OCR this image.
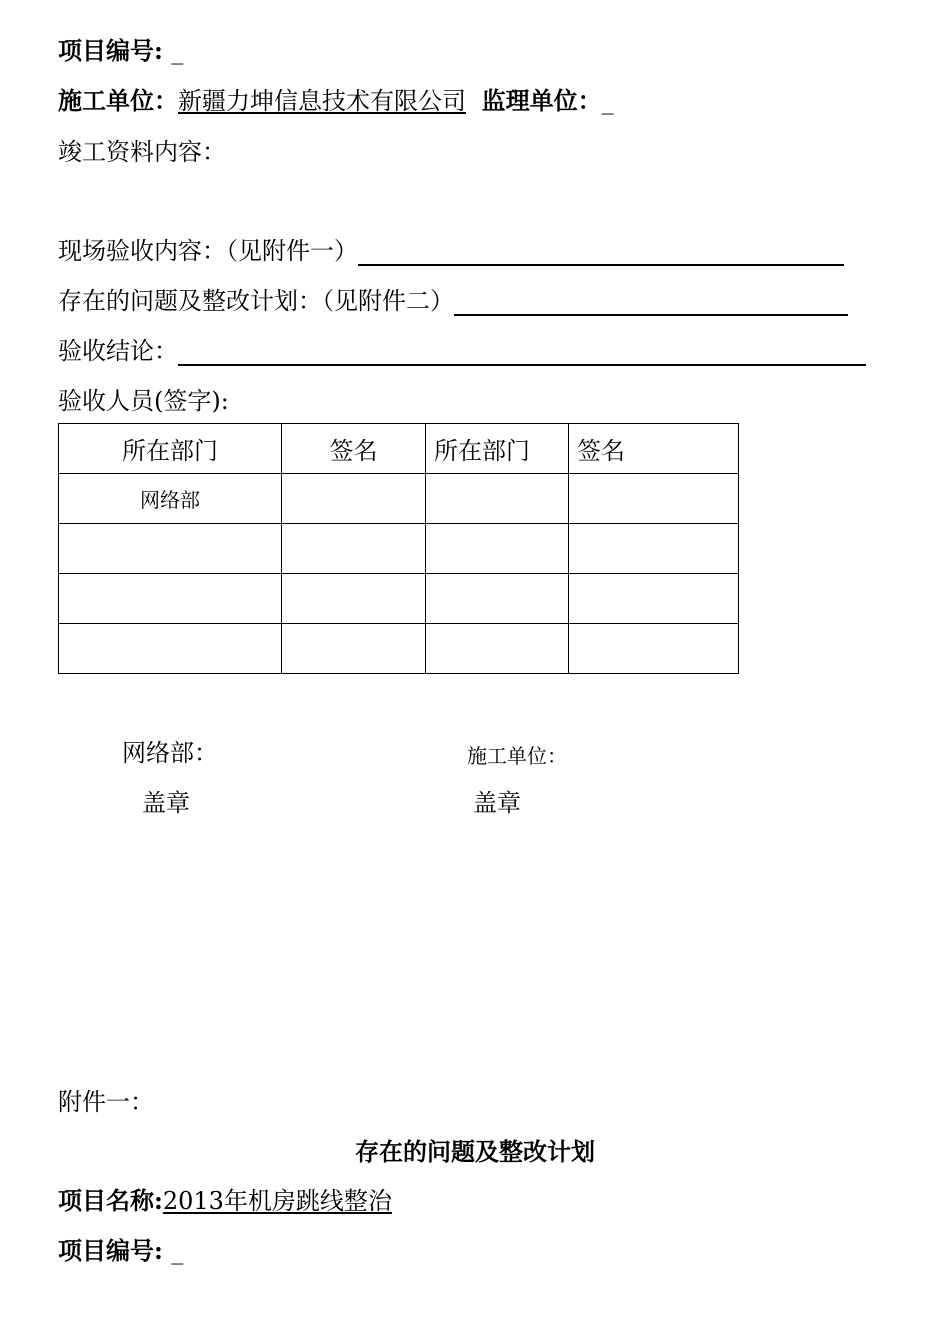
项目编号: _
施工单位：新疆力坤信息技术有限公司 监理单位：_
竣工资料内容：
现场验收内容：（见附件一）
存在的问题及整改计划：（见附件二）
验收结论：
验收人员(签字):
所在部门	签名	所在部门	签名
网络部			

网络部：
盖章
施工单位：
盖章
附件一：
存在的问题及整改计划
项目名称:2013年机房跳线整治
项目编号: _
